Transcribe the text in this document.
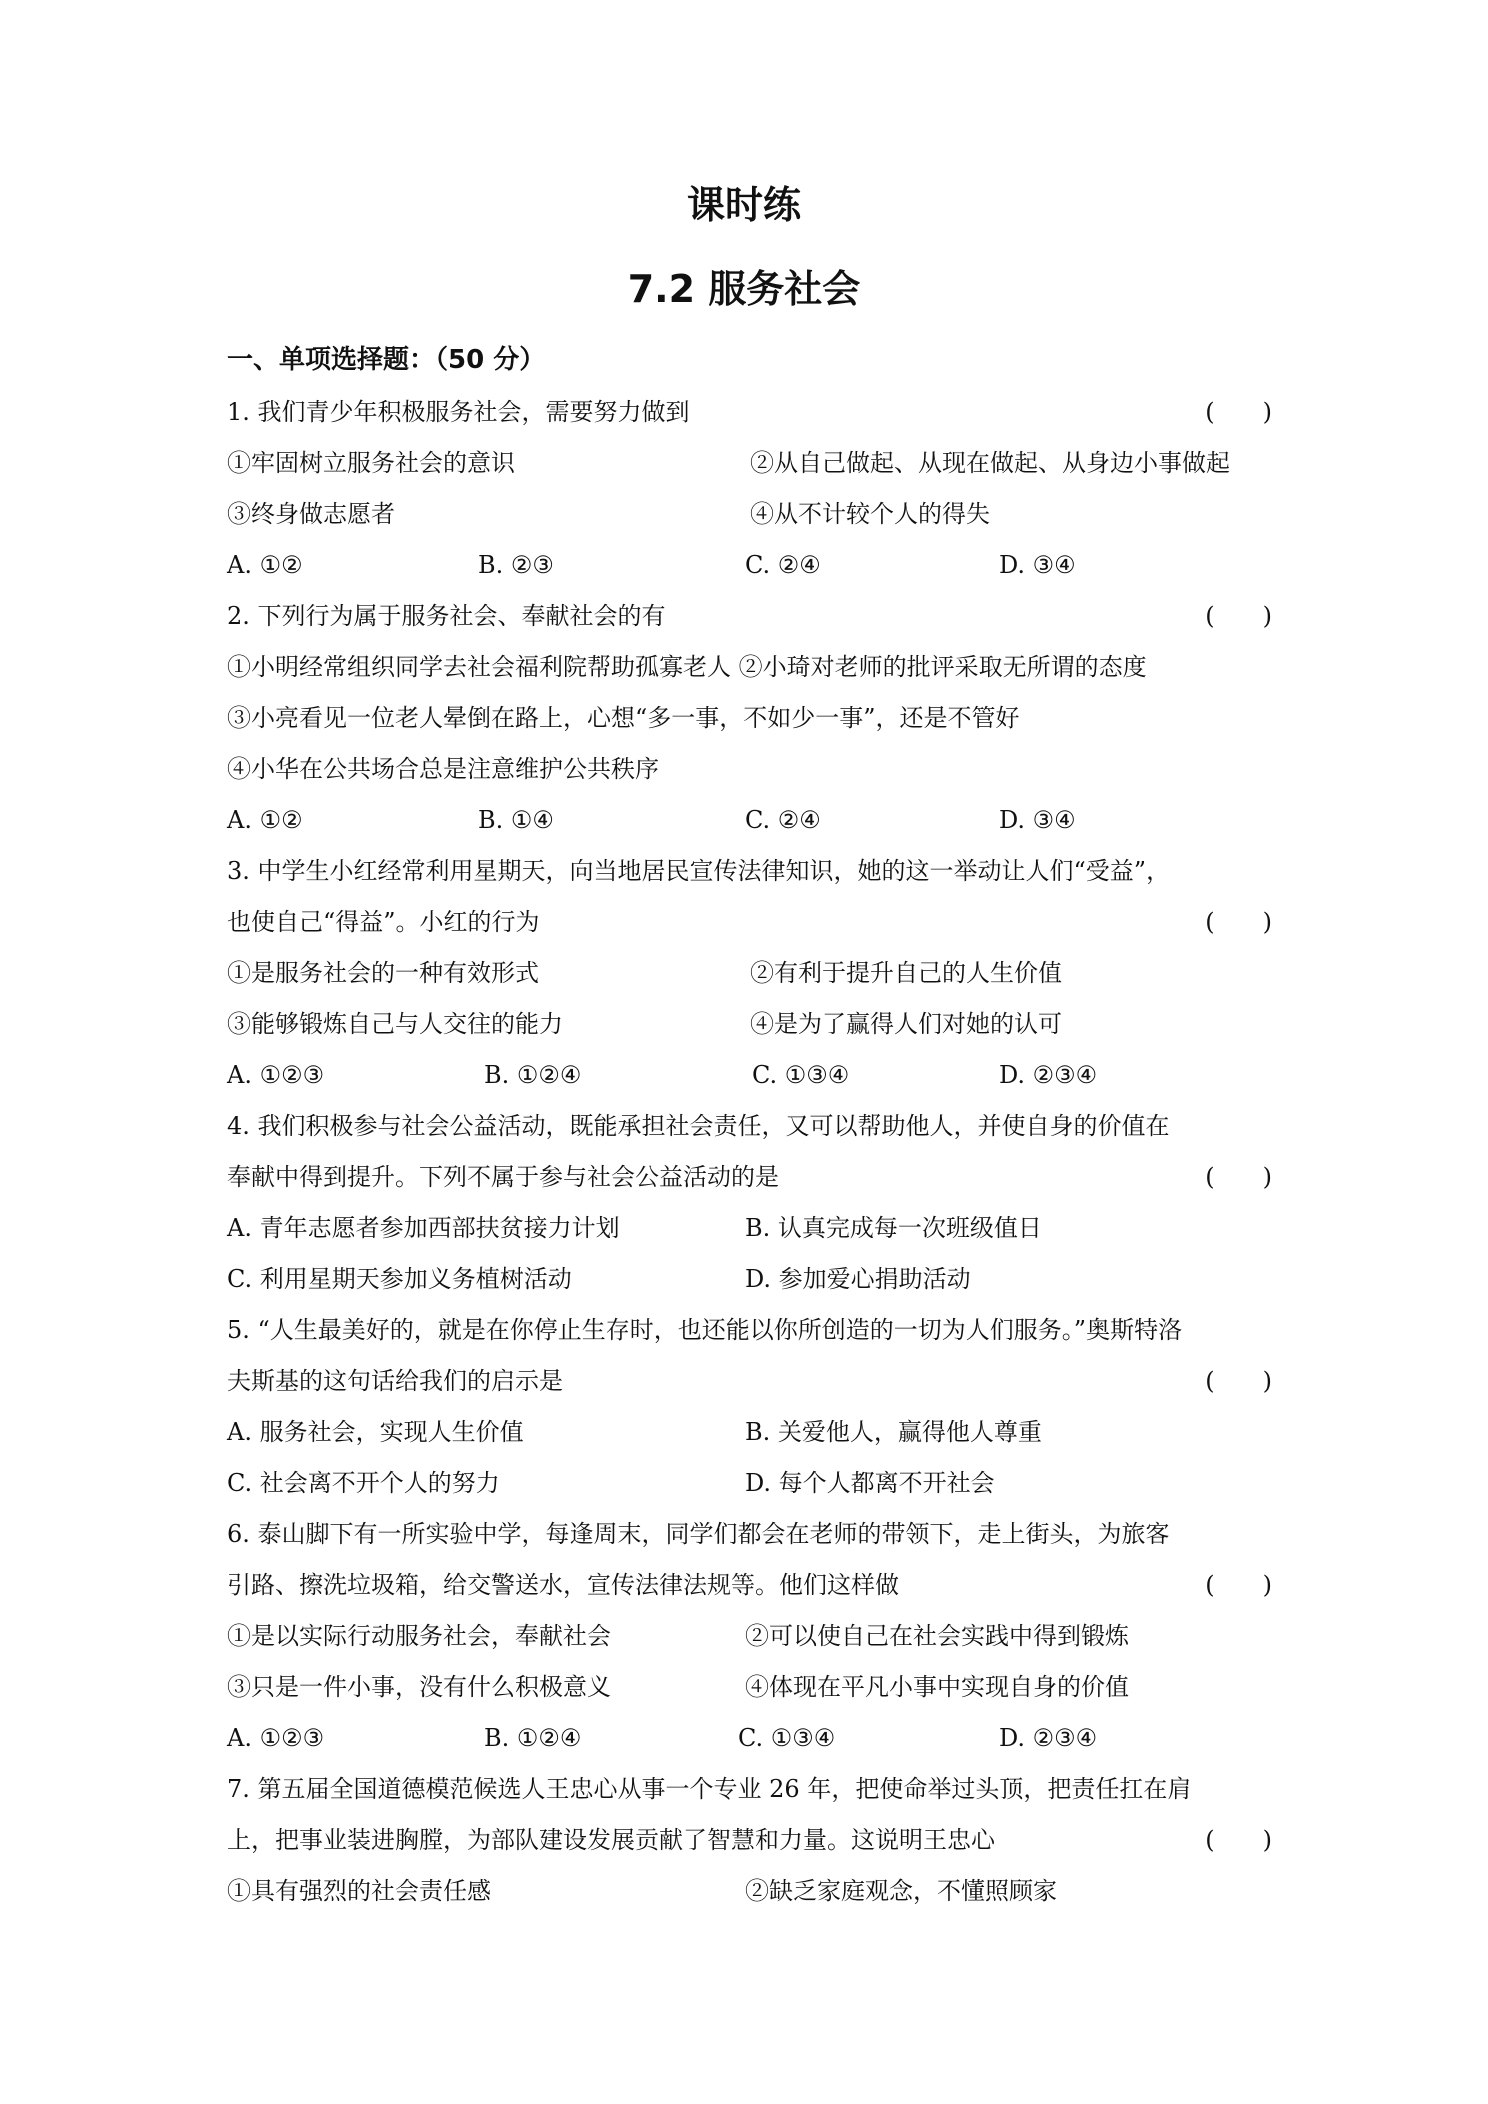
课时练
7.2 服务社会
一、单项选择题：（50 分）
1. 我们青少年积极服务社会，需要努力做到	(　　)
①牢固树立服务社会的意识	②从自己做起、从现在做起、从身边小事做起
③终身做志愿者	④从不计较个人的得失
A. ①②	B. ②③	C. ②④	D. ③④
2. 下列行为属于服务社会、奉献社会的有	(　　)
①小明经常组织同学去社会福利院帮助孤寡老人 ②小琦对老师的批评采取无所谓的态度
③小亮看见一位老人晕倒在路上，心想“多一事，不如少一事”，还是不管好
④小华在公共场合总是注意维护公共秩序
A. ①②	B. ①④	C. ②④	D. ③④
3. 中学生小红经常利用星期天，向当地居民宣传法律知识，她的这一举动让人们“受益”，
也使自己“得益”。小红的行为	(　　)
①是服务社会的一种有效形式	②有利于提升自己的人生价值
③能够锻炼自己与人交往的能力	④是为了赢得人们对她的认可
A. ①②③	B. ①②④	C. ①③④	D. ②③④
4. 我们积极参与社会公益活动，既能承担社会责任，又可以帮助他人，并使自身的价值在
奉献中得到提升。下列不属于参与社会公益活动的是	(　　)
A. 青年志愿者参加西部扶贫接力计划	B. 认真完成每一次班级值日
C. 利用星期天参加义务植树活动	D. 参加爱心捐助活动
5. “人生最美好的，就是在你停止生存时，也还能以你所创造的一切为人们服务。”奥斯特洛
夫斯基的这句话给我们的启示是	(　　)
A. 服务社会，实现人生价值	B. 关爱他人，赢得他人尊重
C. 社会离不开个人的努力	D. 每个人都离不开社会
6. 泰山脚下有一所实验中学，每逢周末，同学们都会在老师的带领下，走上街头，为旅客
引路、擦洗垃圾箱，给交警送水，宣传法律法规等。他们这样做	(　　)
①是以实际行动服务社会，奉献社会	②可以使自己在社会实践中得到锻炼
③只是一件小事，没有什么积极意义	④体现在平凡小事中实现自身的价值
A. ①②③	B. ①②④	C. ①③④	D. ②③④
7. 第五届全国道德模范候选人王忠心从事一个专业 26 年，把使命举过头顶，把责任扛在肩
上，把事业装进胸膛，为部队建设发展贡献了智慧和力量。这说明王忠心	(　　)
①具有强烈的社会责任感	②缺乏家庭观念，不懂照顾家
